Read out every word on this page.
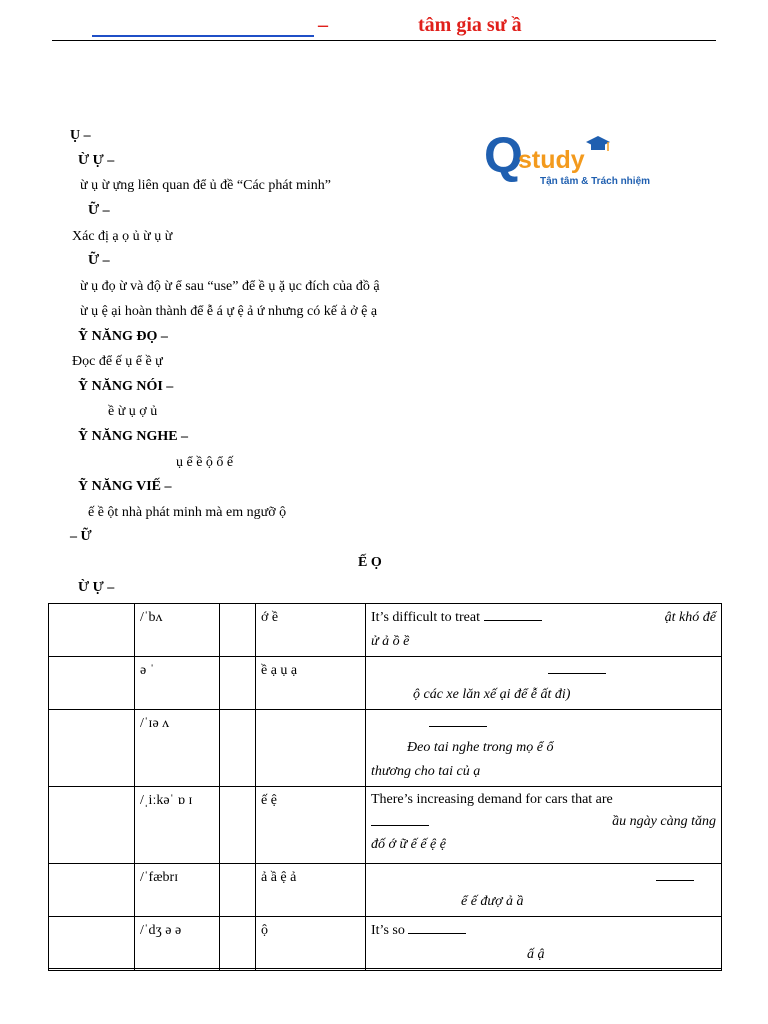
–	tâm gia sư ầ
Q
study
Tận tâm & Trách nhiệm
Ụ –
Ừ Ự –
ừ ụ ừ ựng liên quan để ủ đề “Các phát minh”
Ữ –
Xác đị ạ ọ ủ ừ ụ ừ
Ữ –
ừ ụ đọ ừ và độ ừ ể sau “use” để ề ụ ặ ục đích của đồ ậ
ừ ụ ệ ại hoàn thành để ễ á ự ệ ả ứ nhưng có kế ả ở ệ ạ
Ỹ NĂNG ĐỌ –
Đọc để ế ụ ể ề ự
Ỹ NĂNG NÓI –
ề ừ ụ ợ ủ
Ỹ NĂNG NGHE –
ụ ể ề ộ ổ ế
Ỹ NĂNG VIẾ –
ế ề ột nhà phát minh mà em ngưỡ ộ
– Ữ
Ế Ọ
Ừ Ự –
	/ˈbʌ		ớ ề	It’s difficult to treat ật khó để
ử ả ồ ề

	ə ˈ		ề ạ ụ ạ	ộ các xe lăn xế ại để ễ ất đi)

	/ˈɪə ʌ			Đeo tai nghe trong mọ ể ổ
thương cho tai củ ạ

	/ˌiːkəˈ ɒ ɪ		ế ệ	There’s increasing demand for cars that are
ầu ngày càng tăng
đố ớ ữ ế ế ệ ệ

	/ˈfæbrɪ		ả ầ ệ ả	ể ế đượ ả ầ

	/ˈdʒ ə ə		ộ	It’s so
ấ ậ
